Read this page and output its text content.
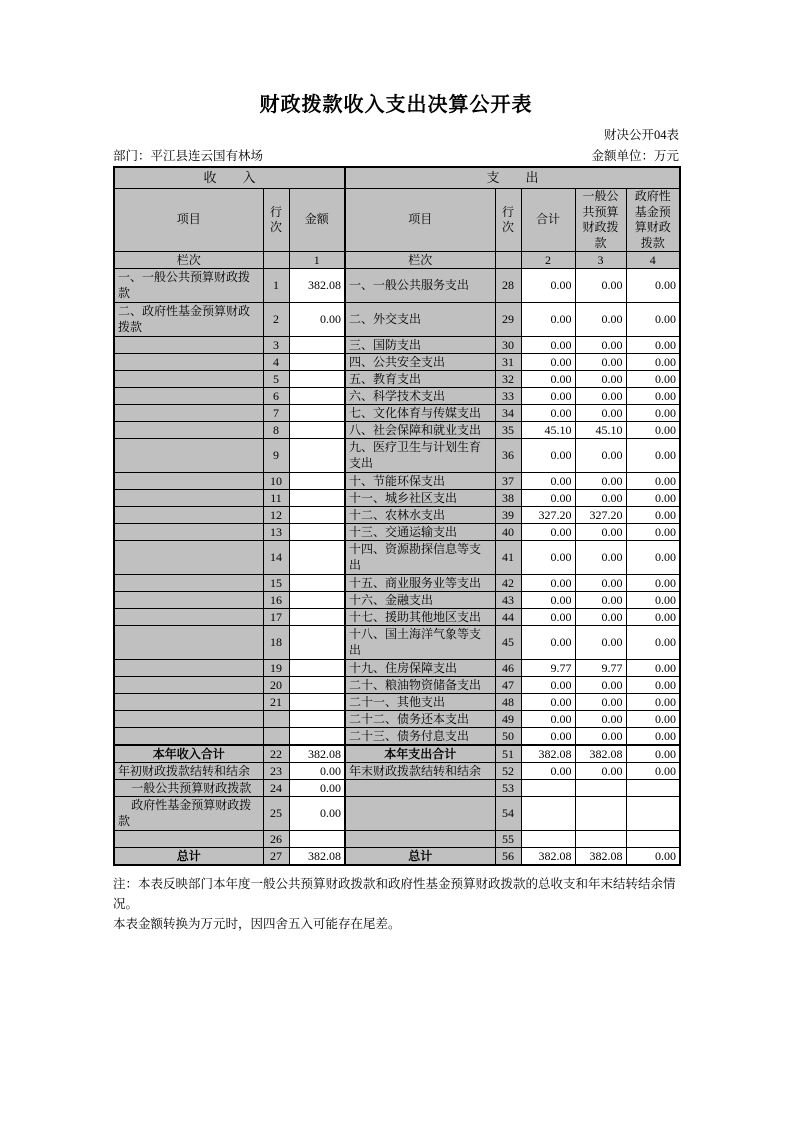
财政拨款收入支出决算公开表
财决公开04表
部门：平江县连云国有林场	金额单位：万元
收　　入			支　　出				
项目	行次	金额	项目	行次	合计	一般公共预算财政拨款	政府性基金预算财政拨款
栏次		1	栏次		2	3	4
一、一般公共预算财政拨款	1	382.08	一、一般公共服务支出	28	0.00	0.00	0.00
二、政府性基金预算财政拨款	2	0.00	二、外交支出	29	0.00	0.00	0.00
	3		三、国防支出	30	0.00	0.00	0.00
	4		四、公共安全支出	31	0.00	0.00	0.00
	5		五、教育支出	32	0.00	0.00	0.00
	6		六、科学技术支出	33	0.00	0.00	0.00
	7		七、文化体育与传媒支出	34	0.00	0.00	0.00
	8		八、社会保障和就业支出	35	45.10	45.10	0.00
	9		九、医疗卫生与计划生育支出	36	0.00	0.00	0.00
	10		十、节能环保支出	37	0.00	0.00	0.00
	11		十一、城乡社区支出	38	0.00	0.00	0.00
	12		十二、农林水支出	39	327.20	327.20	0.00
	13		十三、交通运输支出	40	0.00	0.00	0.00
	14		十四、资源勘探信息等支出	41	0.00	0.00	0.00
	15		十五、商业服务业等支出	42	0.00	0.00	0.00
	16		十六、金融支出	43	0.00	0.00	0.00
	17		十七、援助其他地区支出	44	0.00	0.00	0.00
	18		十八、国土海洋气象等支出	45	0.00	0.00	0.00
	19		十九、住房保障支出	46	9.77	9.77	0.00
	20		二十、粮油物资储备支出	47	0.00	0.00	0.00
	21		二十一、其他支出	48	0.00	0.00	0.00
			二十二、债务还本支出	49	0.00	0.00	0.00
			二十三、债务付息支出	50	0.00	0.00	0.00
本年收入合计	22	382.08	本年支出合计	51	382.08	382.08	0.00
年初财政拨款结转和结余	23	0.00	年末财政拨款结转和结余	52	0.00	0.00	0.00
一般公共预算财政拨款	24	0.00		53			
政府性基金预算财政拨款	25	0.00		54			
	26			55			
总计	27	382.08	总计	56	382.08	382.08	0.00
注：本表反映部门本年度一般公共预算财政拨款和政府性基金预算财政拨款的总收支和年末结转结余情况。
本表金额转换为万元时，因四舍五入可能存在尾差。
